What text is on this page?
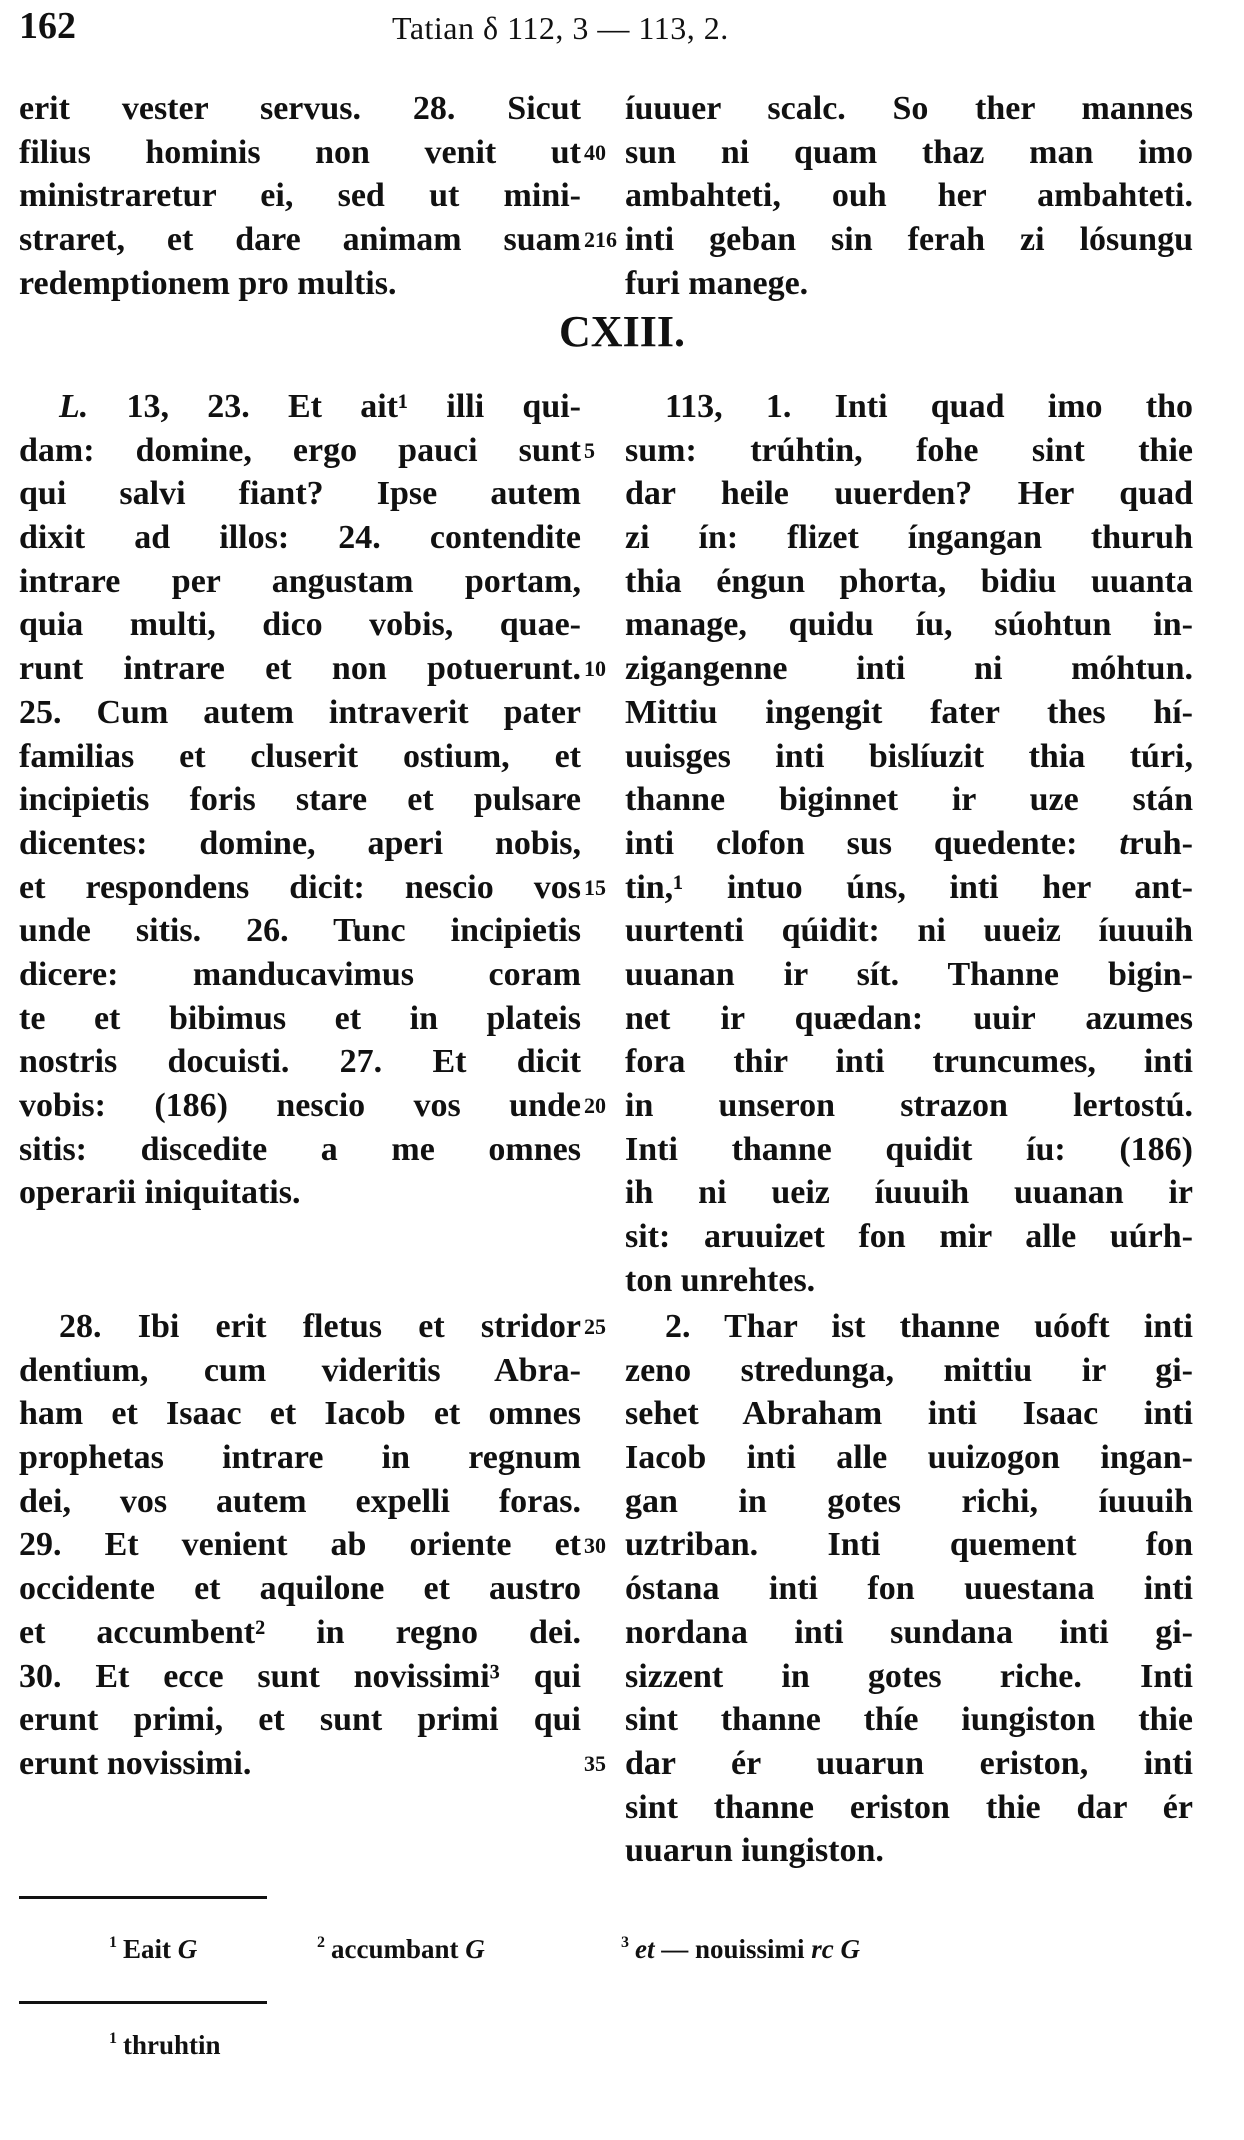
162	Tatian δ 112, 3 — 113, 2.
CXIII.
erit vester servus. 28. Sicut
filius hominis non venit ut
ministraretur ei, sed ut mini-
straret, et dare animam suam
redemptionem pro multis.
íuuuer scalc. So ther mannes
sun ni quam thaz man imo
ambahteti, ouh her ambahteti.
inti geban sin ferah zi lósungu
furi manege.
40
216
L. 13, 23. Et ait¹ illi qui-
dam: domine, ergo pauci sunt
qui salvi fiant? Ipse autem
dixit ad illos: 24. contendite
intrare per angustam portam,
quia multi, dico vobis, quae-
runt intrare et non potuerunt.
25. Cum autem intraverit pater
familias et cluserit ostium, et
incipietis foris stare et pulsare
dicentes: domine, aperi nobis,
et respondens dicit: nescio vos
unde sitis. 26. Tunc incipietis
dicere: manducavimus coram
te et bibimus et in plateis
nostris docuisti. 27. Et dicit
vobis: (186) nescio vos unde
sitis: discedite a me omnes
operarii iniquitatis.
113, 1. Inti quad imo tho
sum: trúhtin, fohe sint thie
dar heile uuerden? Her quad
zi ín: flizet íngangan thuruh
thia éngun phorta, bidiu uuanta
manage, quidu íu, súohtun in-
zigangenne inti ni móhtun.
Mittiu ingengit fater thes hí-
uuisges inti bislíuzit thia túri,
thanne biginnet ir uze stán
inti clofon sus quedente: truh-
tin,¹ intuo úns, inti her ant-
uurtenti qúidit: ni uueiz íuuuih
uuanan ir sít. Thanne bigin-
net ir quædan: uuir azumes
fora thir inti truncumes, inti
in unseron strazon lertostú.
Inti thanne quidit íu: (186)
ih ni ueiz íuuuih uuanan ir
sit: aruuizet fon mir alle uúrh-
ton unrehtes.
5
10
15
20
28. Ibi erit fletus et stridor
dentium, cum videritis Abra-
ham et Isaac et Iacob et omnes
prophetas intrare in regnum
dei, vos autem expelli foras.
29. Et venient ab oriente et
occidente et aquilone et austro
et accumbent² in regno dei.
30. Et ecce sunt novissimi³ qui
erunt primi, et sunt primi qui
erunt novissimi.
2. Thar ist thanne uóoft inti
zeno stredunga, mittiu ir gi-
sehet Abraham inti Isaac inti
Iacob inti alle uuizogon ingan-
gan in gotes richi, íuuuih
uztriban. Inti quement fon
óstana inti fon uuestana inti
nordana inti sundana inti gi-
sizzent in gotes riche. Inti
sint thanne thíe iungiston thie
dar ér uuarun eriston, inti
sint thanne eriston thie dar ér
uuarun iungiston.
25
30
35
$^1$ Eait G	$^2$ accumbant G	$^3$ et — nouissimi rc G
$^1$ thruhtin
